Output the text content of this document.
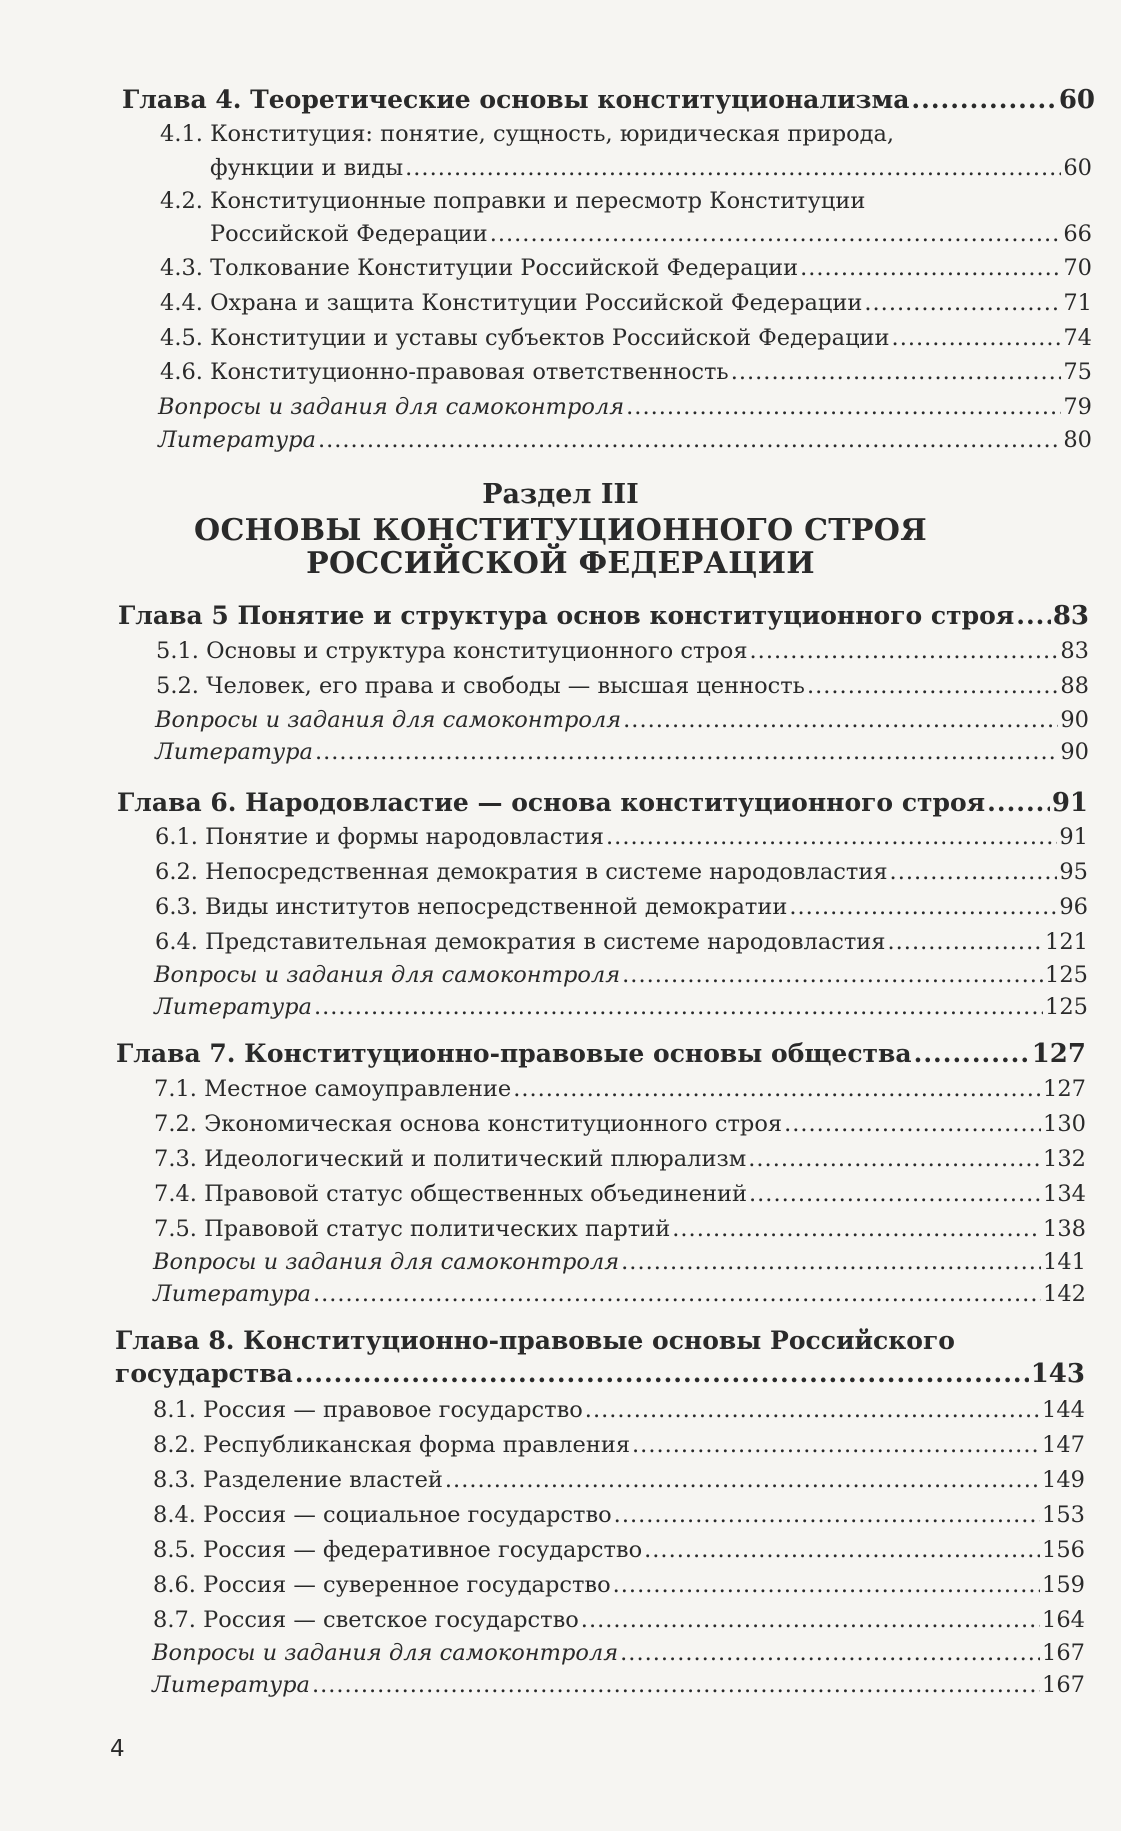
Глава 4. Теоретические основы конституционализма .....	60
4.1. Конституция: понятие, сущность, юридическая природа,
функции и виды .....	60
4.2. Конституционные поправки и пересмотр Конституции
Российской Федерации .....	66
4.3. Толкование Конституции Российской Федерации .....	70
4.4. Охрана и защита Конституции Российской Федерации .....	71
4.5. Конституции и уставы субъектов Российской Федерации .....	74
4.6. Конституционно-правовая ответственность .....	75
Вопросы и задания для самоконтроля .....	79
Литература .....	80
Раздел III
ОСНОВЫ КОНСТИТУЦИОННОГО СТРОЯ
РОССИЙСКОЙ ФЕДЕРАЦИИ
Глава 5 Понятие и структура основ конституционного строя ..... 83
5.1. Основы и структура конституционного строя .....	83
5.2. Человек, его права и свободы — высшая ценность .....	88
Вопросы и задания для самоконтроля .....	90
Литература .....	90
Глава 6. Народовластие — основа конституционного строя .....	91
6.1. Понятие и формы народовластия .....	91
6.2. Непосредственная демократия в системе народовластия .....	95
6.3. Виды институтов непосредственной демократии .....	96
6.4. Представительная демократия в системе народовластия .....	121
Вопросы и задания для самоконтроля .....	125
Литература .....	125
Глава 7. Конституционно-правовые основы общества .....	127
7.1. Местное самоуправление .....	127
7.2. Экономическая основа конституционного строя .....	130
7.3. Идеологический и политический плюрализм .....	132
7.4. Правовой статус общественных объединений .....	134
7.5. Правовой статус политических партий .....	138
Вопросы и задания для самоконтроля .....	141
Литература .....	142
Глава 8. Конституционно-правовые основы Российского
государства .....	143
8.1. Россия — правовое государство .....	144
8.2. Республиканская форма правления .....	147
8.3. Разделение властей .....	149
8.4. Россия — социальное государство .....	153
8.5. Россия — федеративное государство .....	156
8.6. Россия — суверенное государство .....	159
8.7. Россия — светское государство .....	164
Вопросы и задания для самоконтроля .....	167
Литература .....	167
4
